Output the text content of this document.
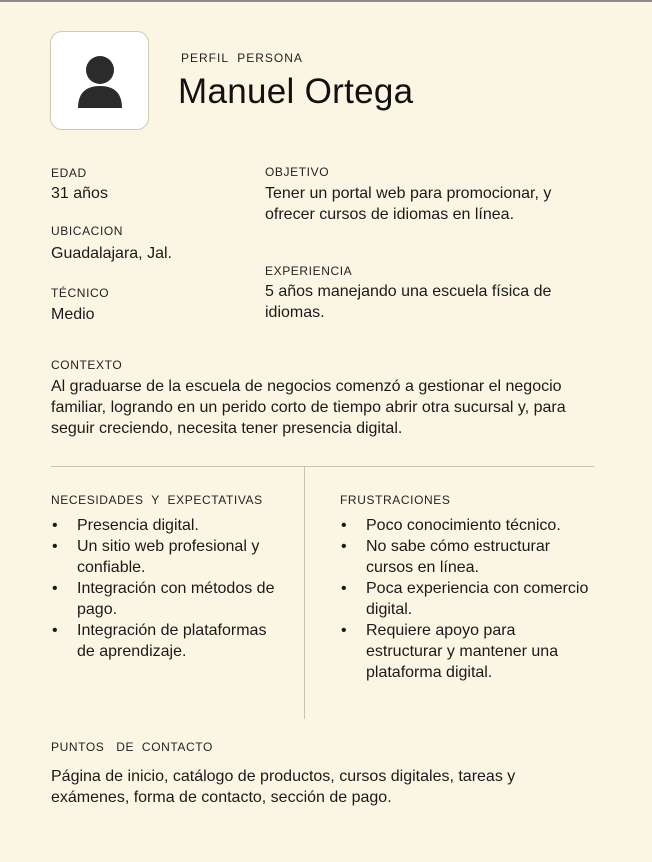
PERFIL  PERSONA
Manuel Ortega
EDAD
31 años
UBICACION
Guadalajara, Jal.
TÉCNICO
Medio
OBJETIVO
Tener un portal web para promocionar, y ofrecer cursos de idiomas en línea.
EXPERIENCIA
5 años manejando una escuela física de idiomas.
CONTEXTO
Al graduarse de la escuela de negocios comenzó a gestionar el negocio familiar, logrando en un perido corto de tiempo abrir otra sucursal y, para seguir creciendo, necesita tener presencia digital.
NECESIDADES  Y  EXPECTATIVAS
• Presencia digital.
• Un sitio web profesional y confiable.
• Integración con métodos de pago.
• Integración de plataformas de aprendizaje.
FRUSTRACIONES
• Poco conocimiento técnico.
• No sabe cómo estructurar cursos en línea.
• Poca experiencia con comercio digital.
• Requiere apoyo para estructurar y mantener una plataforma digital.
PUNTOS   DE  CONTACTO
Página de inicio, catálogo de productos, cursos digitales, tareas y exámenes, forma de contacto, sección de pago.
